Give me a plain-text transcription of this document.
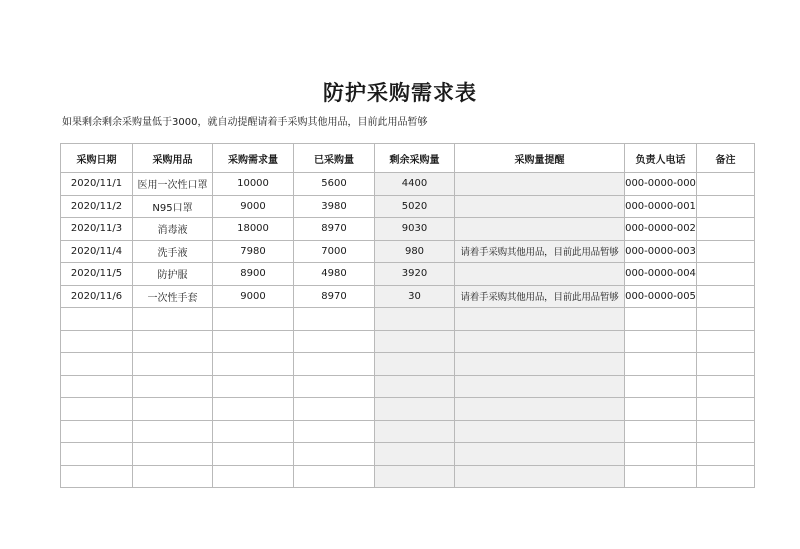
防护采购需求表
如果剩余剩余采购量低于3000，就自动提醒请着手采购其他用品，目前此用品暂够
采购日期	采购用品	采购需求量	已采购量	剩余采购量	采购量提醒	负责人电话	备注
2020/11/1	医用一次性口罩	10000	5600	4400		000-0000-000	
2020/11/2	N95口罩	9000	3980	5020		000-0000-001	
2020/11/3	消毒液	18000	8970	9030		000-0000-002	
2020/11/4	洗手液	7980	7000	980	请着手采购其他用品，目前此用品暂够	000-0000-003	
2020/11/5	防护服	8900	4980	3920		000-0000-004	
2020/11/6	一次性手套	9000	8970	30	请着手采购其他用品，目前此用品暂够	000-0000-005	
